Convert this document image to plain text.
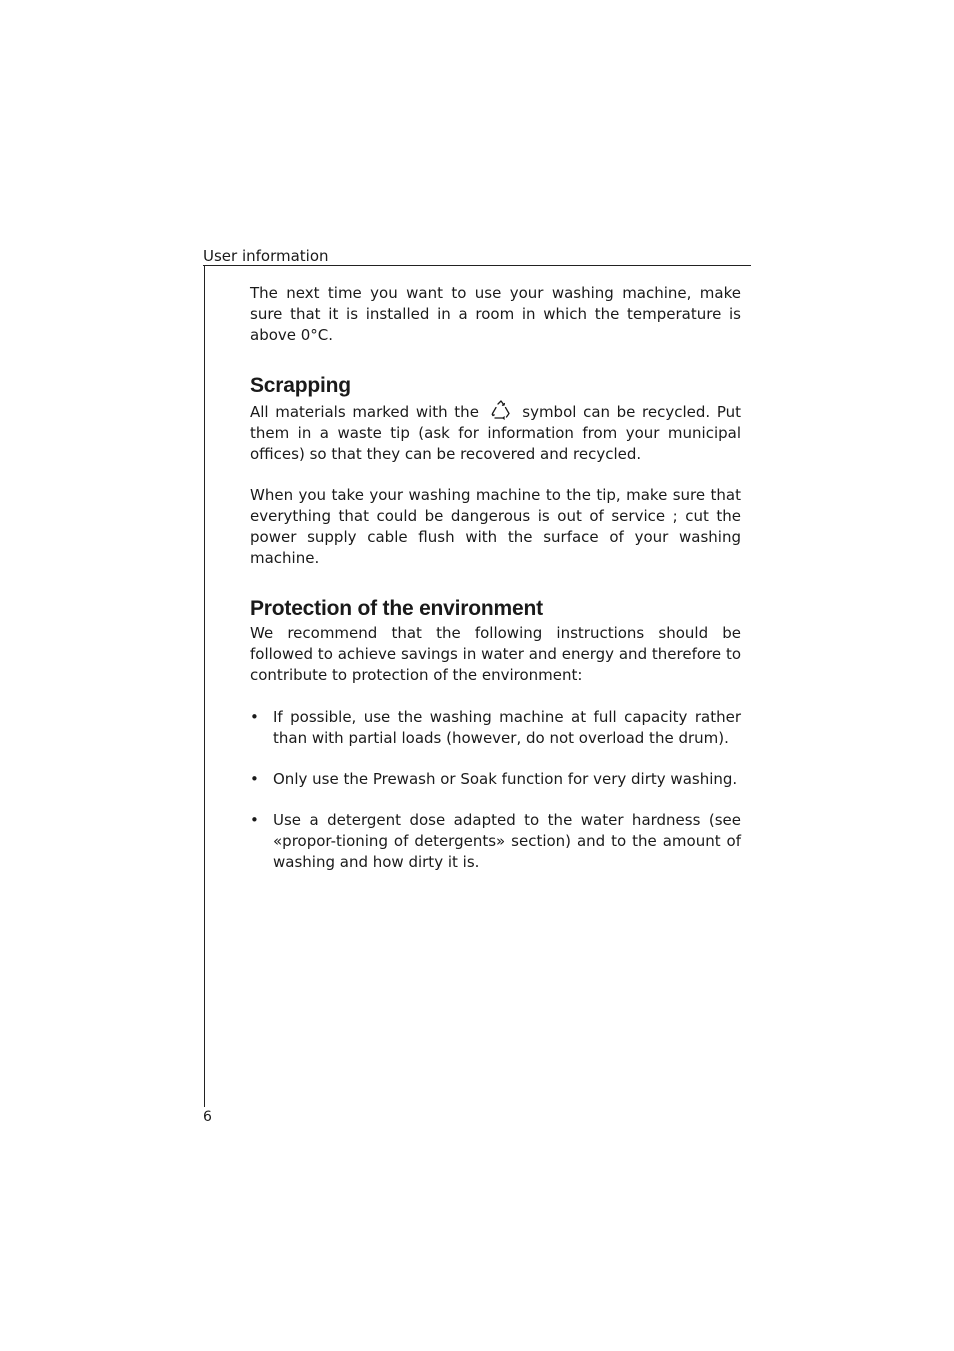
User information

The next time you want to use your washing machine, make sure that it is installed in a room in which the temperature is above 0°C.

Scrapping

All materials marked with the	symbol can be recycled. Put them in a waste tip (ask for information from your municipal offices) so that they can be recovered and recycled.

When you take your washing machine to the tip, make sure that everything that could be dangerous is out of service ; cut the power supply cable flush with the surface of your washing machine.

Protection of the environment

We recommend that the following instructions should be followed to achieve savings in water and energy and therefore to contribute to protection of the environment:

• If possible, use the washing machine at full capacity rather than with partial loads (however, do not overload the drum).
• Only use the Prewash or Soak function for very dirty washing.
• Use a detergent dose adapted to the water hardness (see «propor-tioning of detergents» section) and to the amount of washing and how dirty it is.
6
